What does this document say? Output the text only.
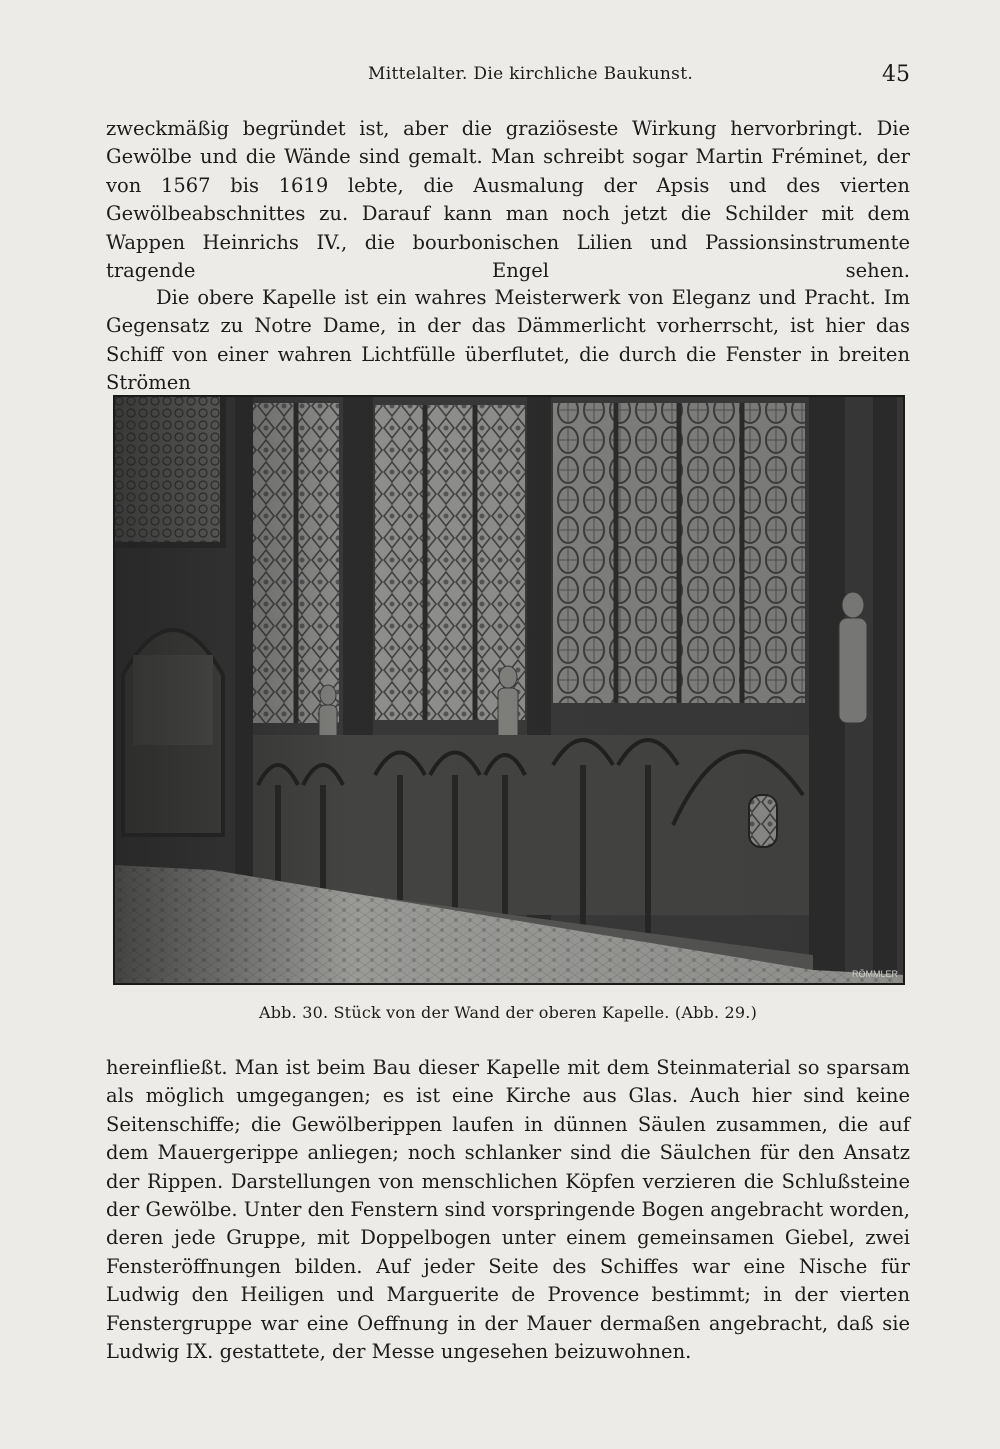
Mittelalter. Die kirchliche Baukunst.	45

zweckmäßig begründet ist, aber die graziöseste Wirkung hervorbringt. Die Gewölbe und die Wände sind gemalt. Man schreibt sogar Martin Fréminet, der von 1567 bis 1619 lebte, die Ausmalung der Apsis und des vierten Gewölbeabschnittes zu. Darauf kann man noch jetzt die Schilder mit dem Wappen Heinrichs IV., die bourbonischen Lilien und Passionsinstrumente tragende Engel sehen.

Die obere Kapelle ist ein wahres Meisterwerk von Eleganz und Pracht. Im Gegensatz zu Notre Dame, in der das Dämmerlicht vorherrscht, ist hier das Schiff von einer wahren Lichtfülle überflutet, die durch die Fenster in breiten Strömen

RÖMMLER
Abb. 30. Stück von der Wand der oberen Kapelle. (Abb. 29.)

hereinfließt. Man ist beim Bau dieser Kapelle mit dem Steinmaterial so sparsam als möglich umgegangen; es ist eine Kirche aus Glas. Auch hier sind keine Seitenschiffe; die Gewölberippen laufen in dünnen Säulen zusammen, die auf dem Mauergerippe anliegen; noch schlanker sind die Säulchen für den Ansatz der Rippen. Darstellungen von menschlichen Köpfen verzieren die Schlußsteine der Gewölbe. Unter den Fenstern sind vorspringende Bogen angebracht worden, deren jede Gruppe, mit Doppelbogen unter einem gemeinsamen Giebel, zwei Fensteröffnungen bilden. Auf jeder Seite des Schiffes war eine Nische für Ludwig den Heiligen und Marguerite de Provence bestimmt; in der vierten Fenstergruppe war eine Oeffnung in der Mauer dermaßen angebracht, daß sie Ludwig IX. gestattete, der Messe ungesehen beizuwohnen.
